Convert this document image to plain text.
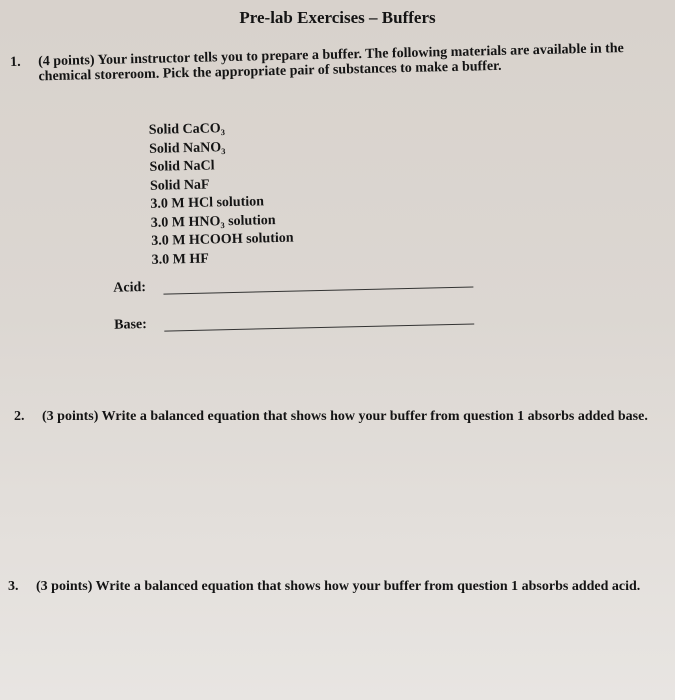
Pre-lab Exercises – Buffers
1. (4 points) Your instructor tells you to prepare a buffer. The following materials are available in the chemical storeroom. Pick the appropriate pair of substances to make a buffer.
Solid CaCO₃
Solid NaNO₃
Solid NaCl
Solid NaF
3.0 M HCl solution
3.0 M HNO₃ solution
3.0 M HCOOH solution
3.0 M HF
Acid:
Base:
2.	(3 points) Write a balanced equation that shows how your buffer from question 1 absorbs added base.
3.	(3 points) Write a balanced equation that shows how your buffer from question 1 absorbs added acid.
